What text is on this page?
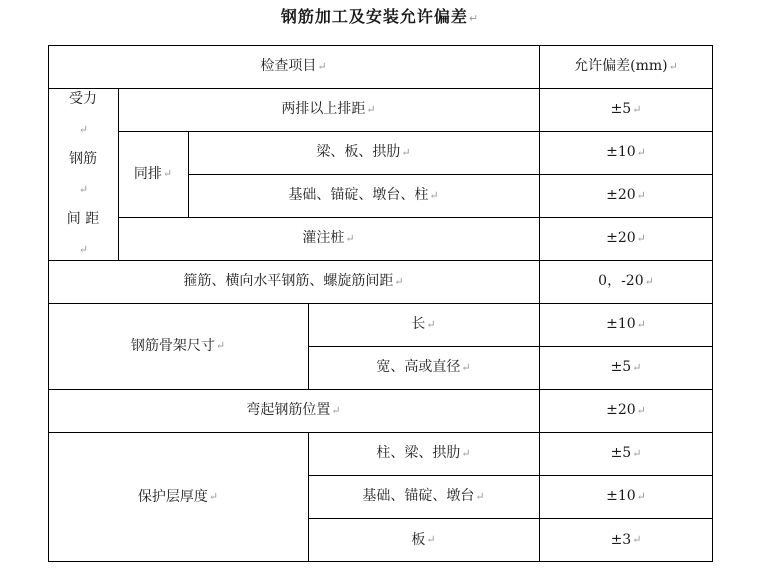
钢筋加工及安装允许偏差↵
检查项目 ↵	允许偏差(mm) ↵
受力
↵
钢筋
↵
间 距
↵
两排以上排距 ↵	±5 ↵
同排 ↵
梁、板、拱肋 ↵	±10 ↵
基础、锚碇、墩台、柱 ↵	±20 ↵
灌注桩 ↵	±20 ↵
箍筋、横向水平钢筋、螺旋筋间距 ↵	0，-20 ↵
钢筋骨架尺寸 ↵
长 ↵	±10 ↵
宽、高或直径 ↵	±5 ↵
弯起钢筋位置 ↵	±20 ↵
保护层厚度 ↵
柱、梁、拱肋 ↵	±5 ↵
基础、锚碇、墩台 ↵	±10 ↵
板 ↵	±3 ↵
